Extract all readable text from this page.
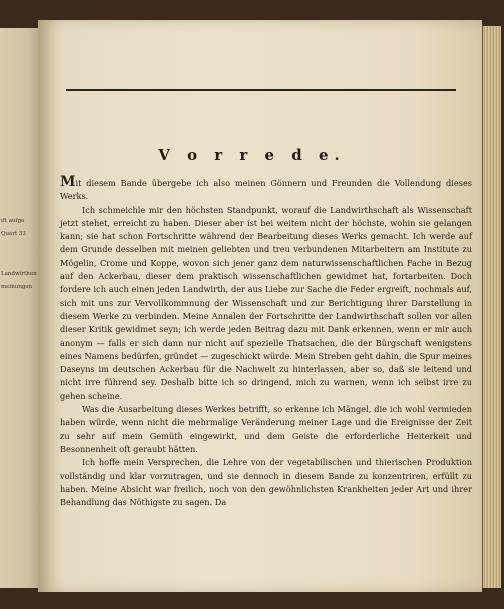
ift aufgo
Quart 33
Landwirthen
meinungen
V o r r e d e.

Mit diesem Bande übergebe ich also meinen Gönnern und Freunden die Vollendung dieses Werks.

Ich schmeichle mir den höchsten Standpunkt, worauf die Landwirthschaft als Wissenschaft jetzt stehet, erreicht zu haben. Dieser aber ist bei weitem nicht der höchste, wohin sie gelangen kann; sie hat schon Fortschritte während der Bearbeitung dieses Werks gemacht. Ich werde auf dem Grunde desselben mit meinen geliebten und treu verbundenen Mitarbeitern am Institute zu Mögelin, Crome und Koppe, wovon sich jener ganz dem naturwissenschaftlichen Fache in Bezug auf den Ackerbau, dieser dem praktisch wissenschaftlichen gewidmet hat, fortarbeiten. Doch fordere ich auch einen jeden Landwirth, der aus Liebe zur Sache die Feder ergreift, nochmals auf, sich mit uns zur Vervollkommnung der Wissenschaft und zur Berichtigung ihrer Darstellung in diesem Werke zu verbinden. Meine Annalen der Fortschritte der Landwirthschaft sollen vor allen dieser Kritik gewidmet seyn; ich werde jeden Beitrag dazu mit Dank erkennen, wenn er mir auch anonym — falls er sich dann nur nicht auf spezielle Thatsachen, die der Bürgschaft wenigstens eines Namens bedürfen, gründet — zugeschickt würde. Mein Streben geht dahin, die Spur meines Daseyns im deutschen Ackerbau für die Nachwelt zu hinterlassen, aber so, daß sie leitend und nicht irre führend sey. Deshalb bitte ich so dringend, mich zu warnen, wenn ich selbst irre zu gehen scheine.

Was die Ausarbeitung dieses Werkes betrifft, so erkenne ich Mängel, die ich wohl vermieden haben würde, wenn nicht die mehrmalige Veränderung meiner Lage und die Ereignisse der Zeit zu sehr auf mein Gemüth eingewirkt, und dem Geiste die erforderliche Heiterkeit und Besonnenheit oft geraubt hätten.

Ich hoffe mein Versprechen, die Lehre von der vegetabilischen und thierischen Produktion vollständig und klar vorzutragen, und sie dennoch in diesem Bande zu konzentriren, erfüllt zu haben. Meine Absicht war freilich, noch von den gewöhnlichsten Krankheiten jeder Art und ihrer Behandlung das Nöthigste zu sagen. Da
